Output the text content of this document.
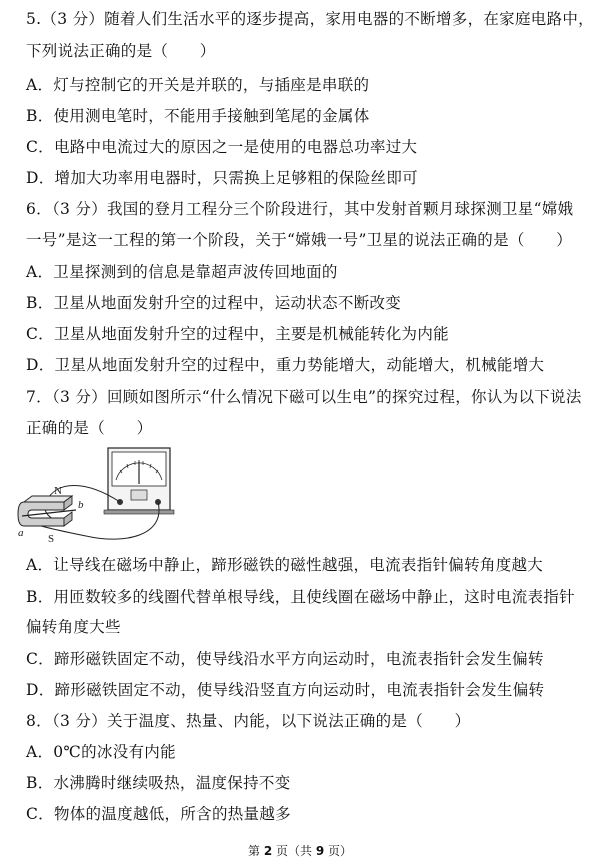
5.（3 分）随着人们生活水平的逐步提高，家用电器的不断增多，在家庭电路中，
下列说法正确的是（　　）
A．灯与控制它的开关是并联的，与插座是串联的
B．使用测电笔时，不能用手接触到笔尾的金属体
C．电路中电流过大的原因之一是使用的电器总功率过大
D．增加大功率用电器时，只需换上足够粗的保险丝即可
6．（3 分）我国的登月工程分三个阶段进行，其中发射首颗月球探测卫星“嫦娥
一号”是这一工程的第一个阶段，关于“嫦娥一号”卫星的说法正确的是（　　）
A．卫星探测到的信息是靠超声波传回地面的
B．卫星从地面发射升空的过程中，运动状态不断改变
C．卫星从地面发射升空的过程中，主要是机械能转化为内能
D．卫星从地面发射升空的过程中，重力势能增大，动能增大，机械能增大
7．（3 分）回顾如图所示“什么情况下磁可以生电”的探究过程，你认为以下说法
正确的是（　　）
N
S
a
b
A．让导线在磁场中静止，蹄形磁铁的磁性越强，电流表指针偏转角度越大
B．用匝数较多的线圈代替单根导线，且使线圈在磁场中静止，这时电流表指针
偏转角度大些
C．蹄形磁铁固定不动，使导线沿水平方向运动时，电流表指针会发生偏转
D．蹄形磁铁固定不动，使导线沿竖直方向运动时，电流表指针会发生偏转
8．（3 分）关于温度、热量、内能，以下说法正确的是（　　）
A．0℃的冰没有内能
B．水沸腾时继续吸热，温度保持不变
C．物体的温度越低，所含的热量越多
第 2 页（共 9 页）
